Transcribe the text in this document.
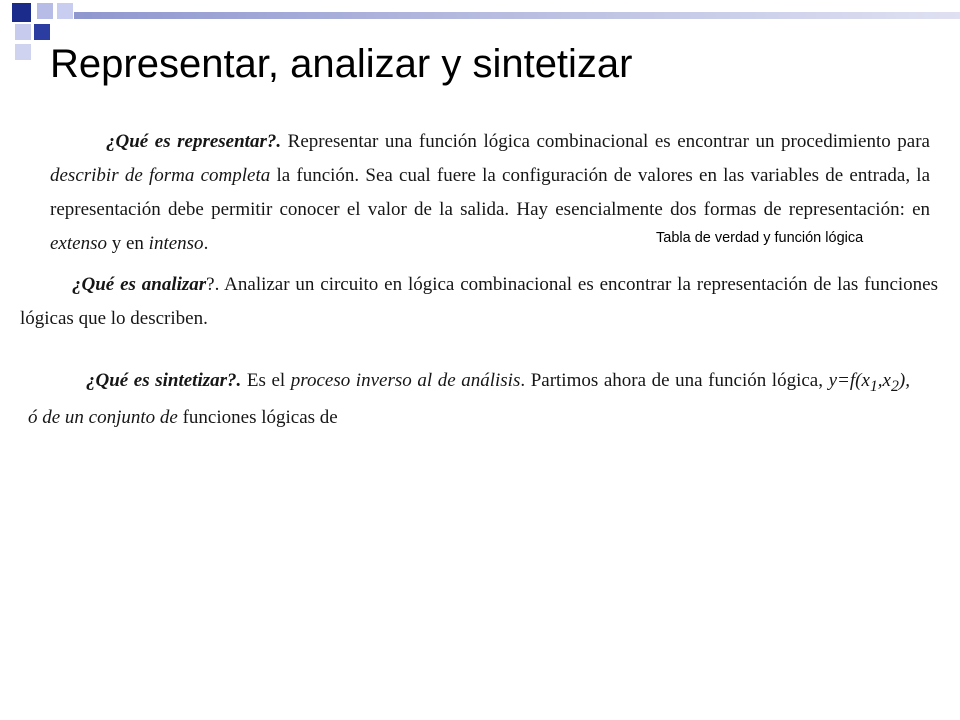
Representar, analizar y sintetizar

¿Qué es representar?. Representar una función lógica combinacional es encontrar un procedimiento para describir de forma completa la función. Sea cual fuere la configuración de valores en las variables de entrada, la representación debe permitir conocer el valor de la salida. Hay esencialmente dos formas de representación: en extenso y en intenso.	Tabla de verdad y función lógica

¿Qué es analizar?. Analizar un circuito en lógica combinacional es encontrar la representación de las funciones lógicas que lo describen.

¿Qué es sintetizar?. Es el proceso inverso al de análisis. Partimos ahora de una función lógica, $y=f(x_1,x_2)$, ó de un conjunto de funciones lógicas de
